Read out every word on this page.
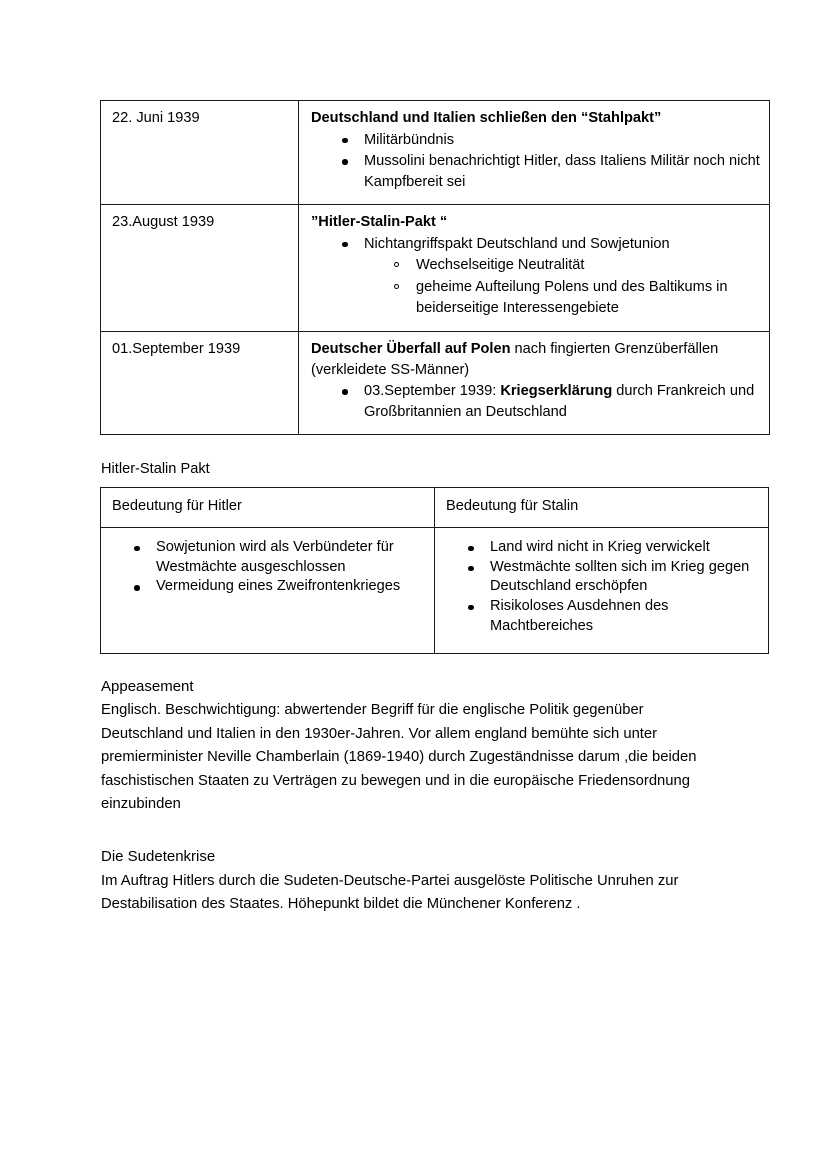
22. Juni 1939	Deutschland und Italien schließen den “Stahlpakt”
Militärbündnis
Mussolini benachrichtigt Hitler, dass Italiens Militär noch nicht Kampfbereit sei

23.August 1939	”Hitler-Stalin-Pakt “
Nichtangriffspakt Deutschland und Sowjetunion
Wechselseitige Neutralität
geheime Aufteilung Polens und des Baltikums in beiderseitige Interessengebiete

01.September 1939	Deutscher Überfall auf Polen nach fingierten Grenzüberfällen (verkleidete SS-Männer)
03.September 1939: Kriegserklärung durch Frankreich und Großbritannien an Deutschland
Hitler-Stalin Pakt
Bedeutung für Hitler	Bedeutung für Stalin

Sowjetunion wird als Verbündeter für Westmächte ausgeschlossen
Vermeidung eines Zweifrontenkrieges

Land wird nicht in Krieg verwickelt
Westmächte sollten sich im Krieg gegen Deutschland erschöpfen
Risikoloses Ausdehnen des Machtbereiches
Appeasement

Englisch. Beschwichtigung: abwertender Begriff für die englische Politik gegenüber Deutschland und Italien in den 1930er-Jahren. Vor allem england bemühte sich unter premierminister Neville Chamberlain (1869-1940) durch Zugeständnisse darum ,die beiden faschistischen Staaten zu Verträgen zu bewegen und in die europäische Friedensordnung einzubinden

Die Sudetenkrise

Im Auftrag Hitlers durch die Sudeten-Deutsche-Partei ausgelöste Politische Unruhen zur Destabilisation des Staates. Höhepunkt bildet die Münchener Konferenz .
